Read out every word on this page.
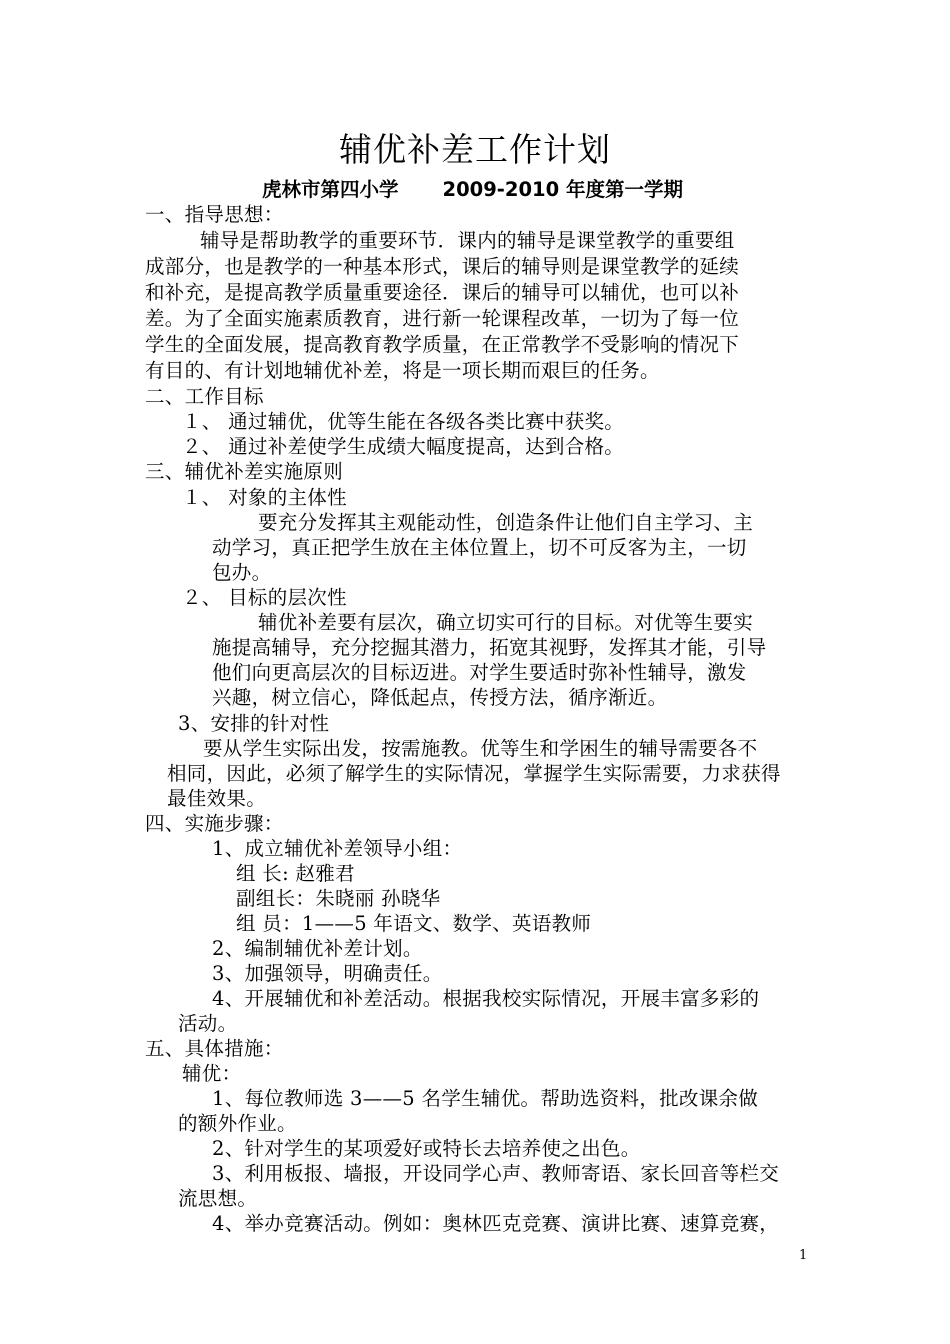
辅优补差工作计划
虎林市第四小学 2009-2010 年度第一学期
一、指导思想：
辅导是帮助教学的重要环节．课内的辅导是课堂教学的重要组
成部分，也是教学的一种基本形式，课后的辅导则是课堂教学的延续
和补充，是提高教学质量重要途径．课后的辅导可以辅优，也可以补
差。为了全面实施素质教育，进行新一轮课程改革，一切为了每一位
学生的全面发展，提高教育教学质量，在正常教学不受影响的情况下
有目的、有计划地辅优补差，将是一项长期而艰巨的任务。
二、工作目标
１、 通过辅优，优等生能在各级各类比赛中获奖。
２、 通过补差使学生成绩大幅度提高，达到合格。
三、辅优补差实施原则
１、 对象的主体性
要充分发挥其主观能动性，创造条件让他们自主学习、主
动学习，真正把学生放在主体位置上，切不可反客为主，一切
包办。
２、 目标的层次性
辅优补差要有层次，确立切实可行的目标。对优等生要实
施提高辅导，充分挖掘其潜力，拓宽其视野，发挥其才能，引导
他们向更高层次的目标迈进。对学生要适时弥补性辅导，激发
兴趣，树立信心，降低起点，传授方法，循序渐近。
3、安排的针对性
要从学生实际出发，按需施教。优等生和学困生的辅导需要各不
相同，因此，必须了解学生的实际情况，掌握学生实际需要，力求获得
最佳效果。
四、实施步骤：
1、成立辅优补差领导小组：
组 长: 赵雅君
副组长：朱晓丽 孙晓华
组 员：1——5 年语文、数学、英语教师
2、编制辅优补差计划。
3、加强领导，明确责任。
4、开展辅优和补差活动。根据我校实际情况，开展丰富多彩的
活动。
五、具体措施：
辅优：
1、每位教师选 3——5 名学生辅优。帮助选资料，批改课余做
的额外作业。
2、针对学生的某项爱好或特长去培养使之出色。
3、利用板报、墙报，开设同学心声、教师寄语、家长回音等栏交
流思想。
4、举办竞赛活动。例如：奥林匹克竞赛、演讲比赛、速算竞赛，
1
